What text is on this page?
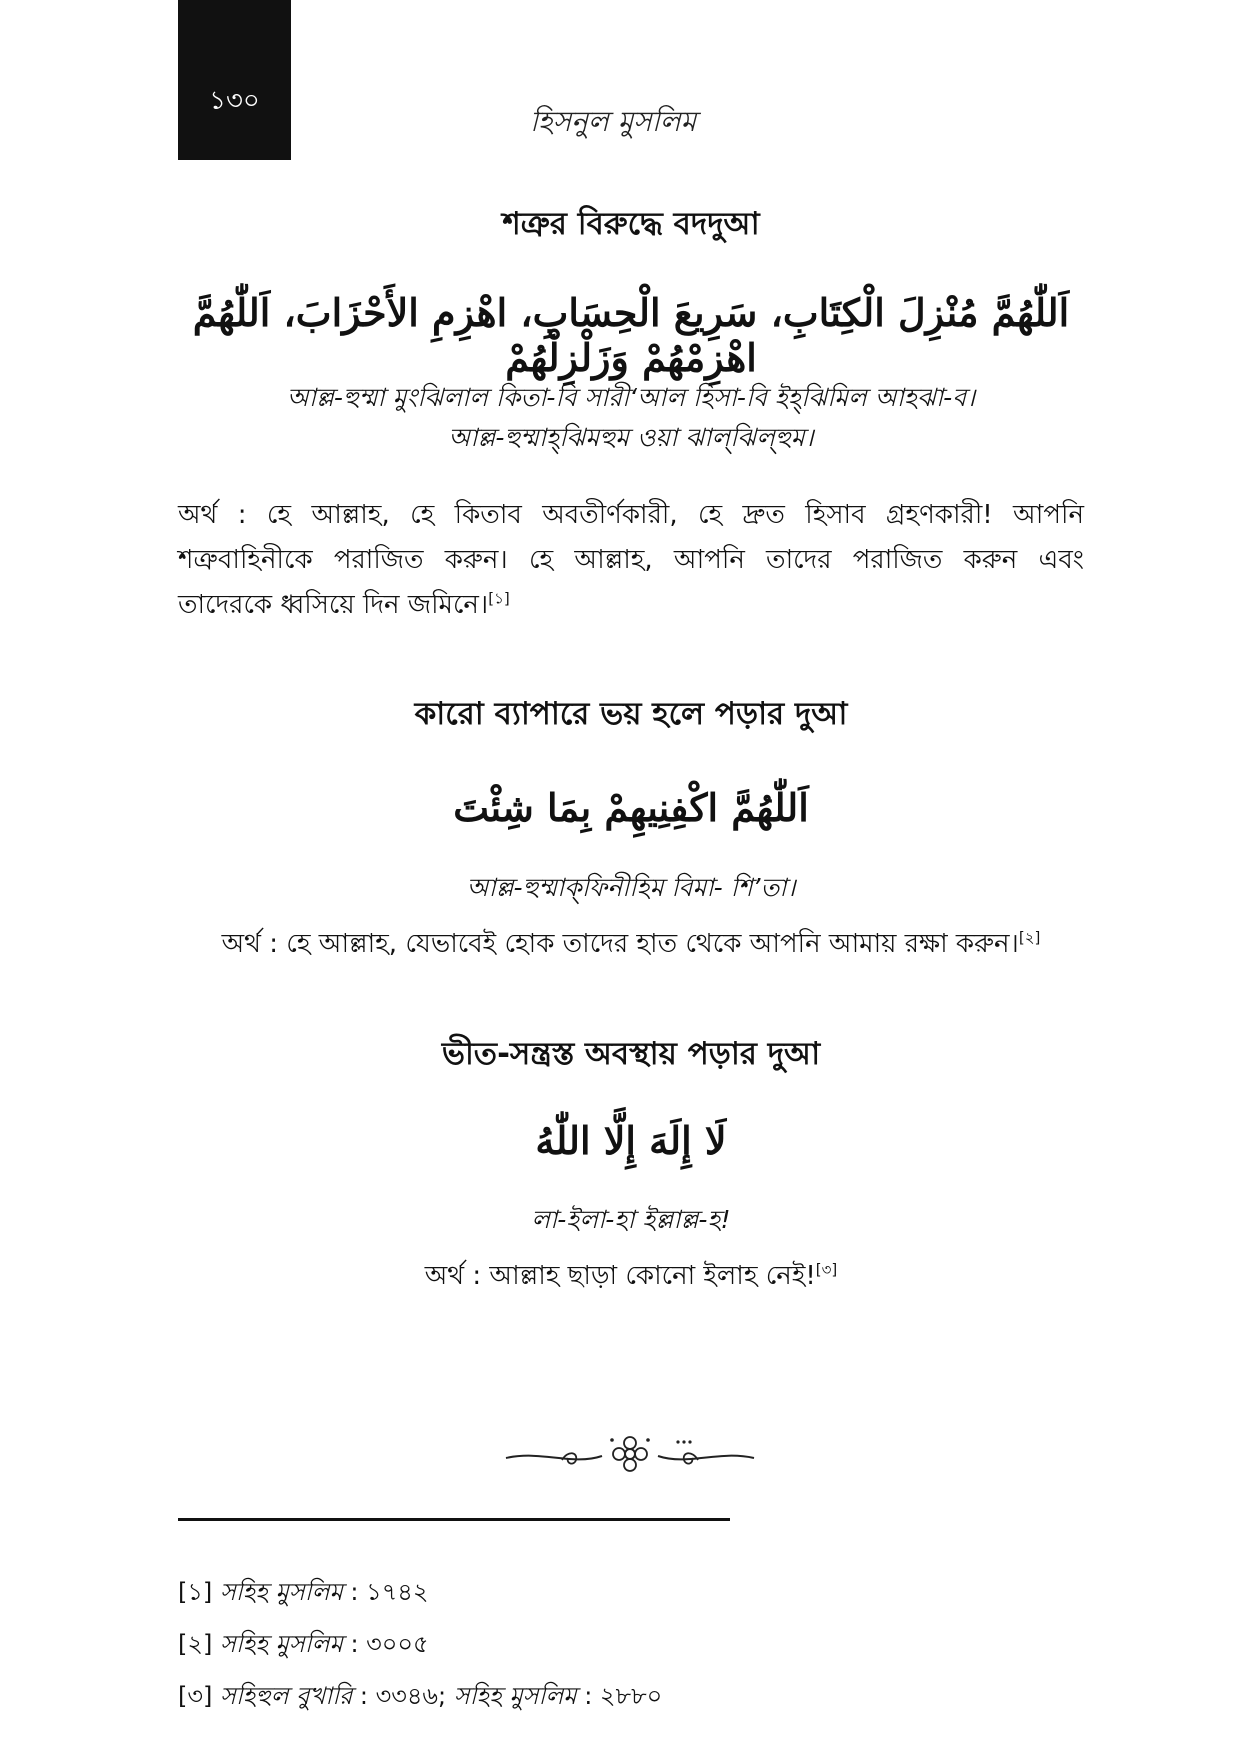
১৩০
হিসনুল মুসলিম
শত্রুর বিরুদ্ধে বদদুআ
اَللّٰهُمَّ مُنْزِلَ الْكِتَابِ، سَرِيعَ الْحِسَابِ، اهْزِمِ الأَحْزَابَ، اَللّٰهُمَّ اهْزِمْهُمْ وَزَلْزِلْهُمْ
আল্ল-হুম্মা মুংঝিলাল কিতা-বি সারী‘আল হিসা-বি ইহ্‌ঝিমিল আহঝা-ব।
আল্ল-হুম্মাহ্‌ঝিমহুম ওয়া ঝাল্‌ঝিল্‌হুম।
অর্থ : হে আল্লাহ, হে কিতাব অবতীর্ণকারী, হে দ্রুত হিসাব গ্রহণকারী! আপনি
শত্রুবাহিনীকে পরাজিত করুন। হে আল্লাহ, আপনি তাদের পরাজিত করুন এবং
তাদেরকে ধ্বসিয়ে দিন জমিনে।[১]
কারো ব্যাপারে ভয় হলে পড়ার দুআ
اَللّٰهُمَّ اكْفِنِيهِمْ بِمَا شِئْتَ
আল্ল-হুম্মাক্‌ফিনীহিম বিমা- শি’তা।
অর্থ : হে আল্লাহ, যেভাবেই হোক তাদের হাত থেকে আপনি আমায় রক্ষা করুন।[২]
ভীত-সন্ত্রস্ত অবস্থায় পড়ার দুআ
لَا إِلَهَ إِلَّا اللّٰهُ
লা-ইলা-হা ইল্লাল্ল-হ!
অর্থ : আল্লাহ ছাড়া কোনো ইলাহ নেই![৩]
[১] সহিহ মুসলিম : ১৭৪২
[২] সহিহ মুসলিম : ৩০০৫
[৩] সহিহুল বুখারি : ৩৩৪৬; সহিহ মুসলিম : ২৮৮০
